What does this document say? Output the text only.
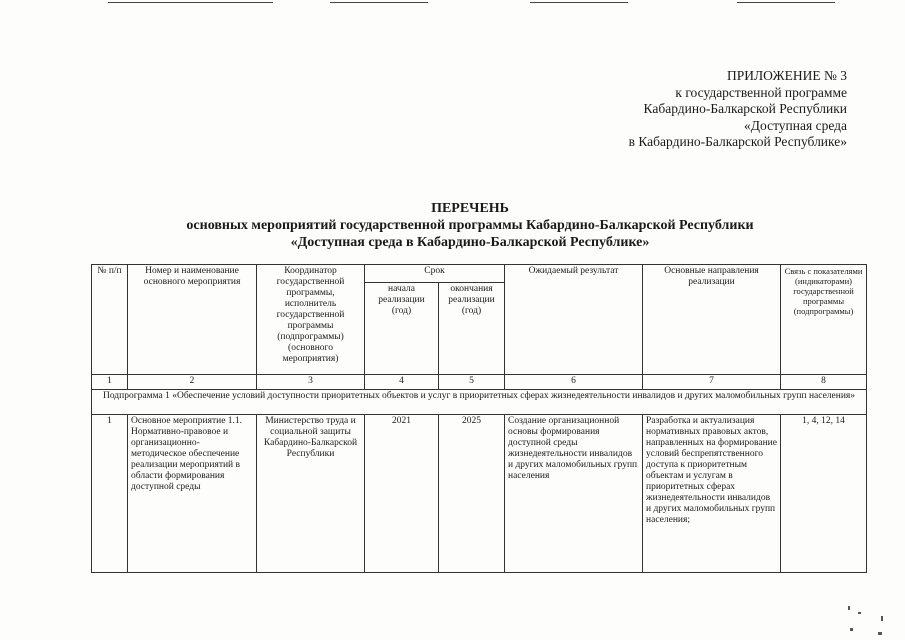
ПРИЛОЖЕНИЕ № 3
к государственной программе
Кабардино-Балкарской Республики
«Доступная среда
в Кабардино-Балкарской Республике»
ПЕРЕЧЕНЬ
основных мероприятий государственной программы Кабардино-Балкарской Республики
«Доступная среда в Кабардино-Балкарской Республике»
№ п/п	Номер и наименование основного мероприятия	Координатор государственной программы, исполнитель государственной программы (подпрограммы) (основного мероприятия)	Срок		Ожидаемый результат	Основные направления реализации	Связь с показателями (индикаторами) государственной программы (подпрограммы)
			начала реализации (год)	окончания реализации (год)			
1	2	3	4	5	6	7	8
Подпрограмма 1 «Обеспечение условий доступности приоритетных объектов и услуг в приоритетных сферах жизнедеятельности инвалидов и других маломобильных групп населения»							
1	Основное мероприятие 1.1. Нормативно-правовое и организационно-методическое обеспечение реализации мероприятий в области формирования доступной среды	Министерство труда и социальной защиты Кабардино-Балкарской Республики	2021	2025	Создание организационной основы формирования доступной среды жизнедеятельности инвалидов и других маломобильных групп населения	Разработка и актуализация нормативных правовых актов, направленных на формирование условий беспрепятственного доступа к приоритетным объектам и услугам в приоритетных сферах жизнедеятельности инвалидов и других маломобильных групп населения;	1, 4, 12, 14
